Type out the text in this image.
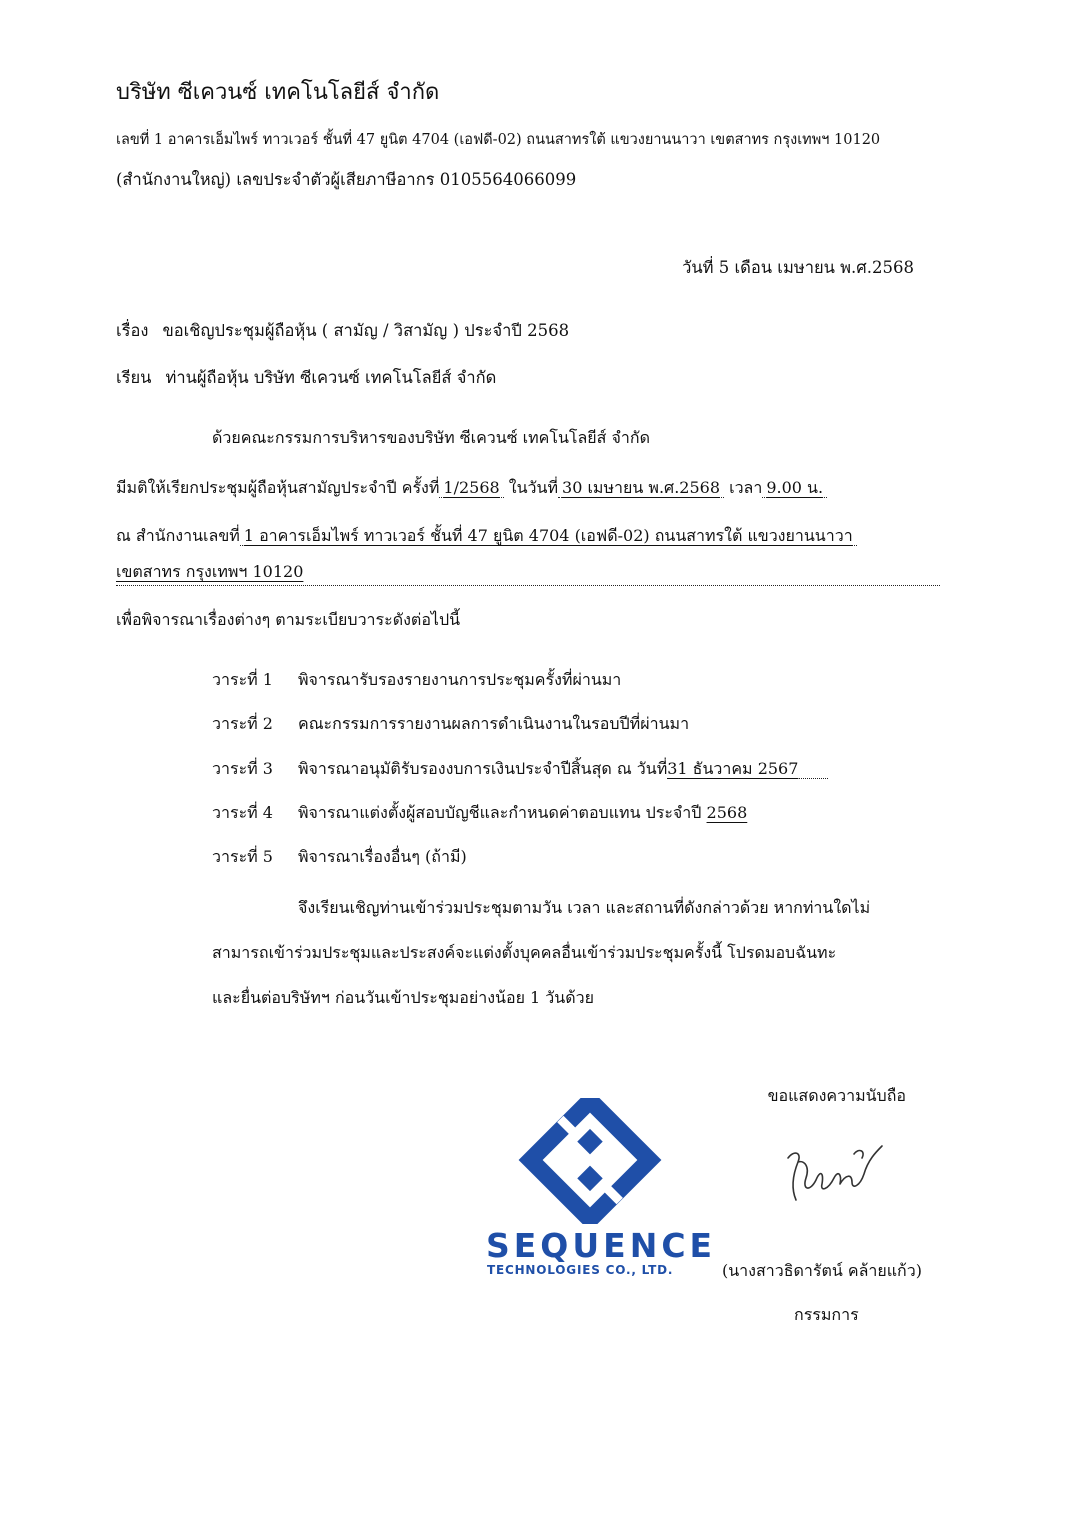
บริษัท ซีเควนซ์ เทคโนโลยีส์ จำกัด
เลขที่ 1 อาคารเอ็มไพร์ ทาวเวอร์ ชั้นที่ 47 ยูนิต 4704 (เอฟดี-02) ถนนสาทรใต้ แขวงยานนาวา เขตสาทร กรุงเทพฯ 10120
(สำนักงานใหญ่) เลขประจำตัวผู้เสียภาษีอากร 0105564066099
วันที่ 5 เดือน เมษายน พ.ศ.2568
เรื่อง ขอเชิญประชุมผู้ถือหุ้น ( สามัญ / วิสามัญ ) ประจำปี 2568
เรียน ท่านผู้ถือหุ้น บริษัท ซีเควนซ์ เทคโนโลยีส์ จำกัด
ด้วยคณะกรรมการบริหารของบริษัท ซีเควนซ์ เทคโนโลยีส์ จำกัด
มีมติให้เรียกประชุมผู้ถือหุ้นสามัญประจำปี ครั้งที่ 1/2568 ในวันที่ 30 เมษายน พ.ศ.2568 เวลา 9.00 น.
ณ สำนักงานเลขที่ 1 อาคารเอ็มไพร์ ทาวเวอร์ ชั้นที่ 47 ยูนิต 4704 (เอฟดี-02) ถนนสาทรใต้ แขวงยานนาวา
เขตสาทร กรุงเทพฯ 10120
เพื่อพิจารณาเรื่องต่างๆ ตามระเบียบวาระดังต่อไปนี้
วาระที่ 1 พิจารณารับรองรายงานการประชุมครั้งที่ผ่านมา
วาระที่ 2 คณะกรรมการรายงานผลการดำเนินงานในรอบปีที่ผ่านมา
วาระที่ 3 พิจารณาอนุมัติรับรองงบการเงินประจำปีสิ้นสุด ณ วันที่31 ธันวาคม 2567
วาระที่ 4 พิจารณาแต่งตั้งผู้สอบบัญชีและกำหนดค่าตอบแทน ประจำปี 2568
วาระที่ 5 พิจารณาเรื่องอื่นๆ (ถ้ามี)
จึงเรียนเชิญท่านเข้าร่วมประชุมตามวัน เวลา และสถานที่ดังกล่าวด้วย หากท่านใดไม่
สามารถเข้าร่วมประชุมและประสงค์จะแต่งตั้งบุคคลอื่นเข้าร่วมประชุมครั้งนี้ โปรดมอบฉันทะ
และยื่นต่อบริษัทฯ ก่อนวันเข้าประชุมอย่างน้อย 1 วันด้วย
SEQUENCE
TECHNOLOGIES CO., LTD.
ขอแสดงความนับถือ
(นางสาวธิดารัตน์ คล้ายแก้ว)
กรรมการ
